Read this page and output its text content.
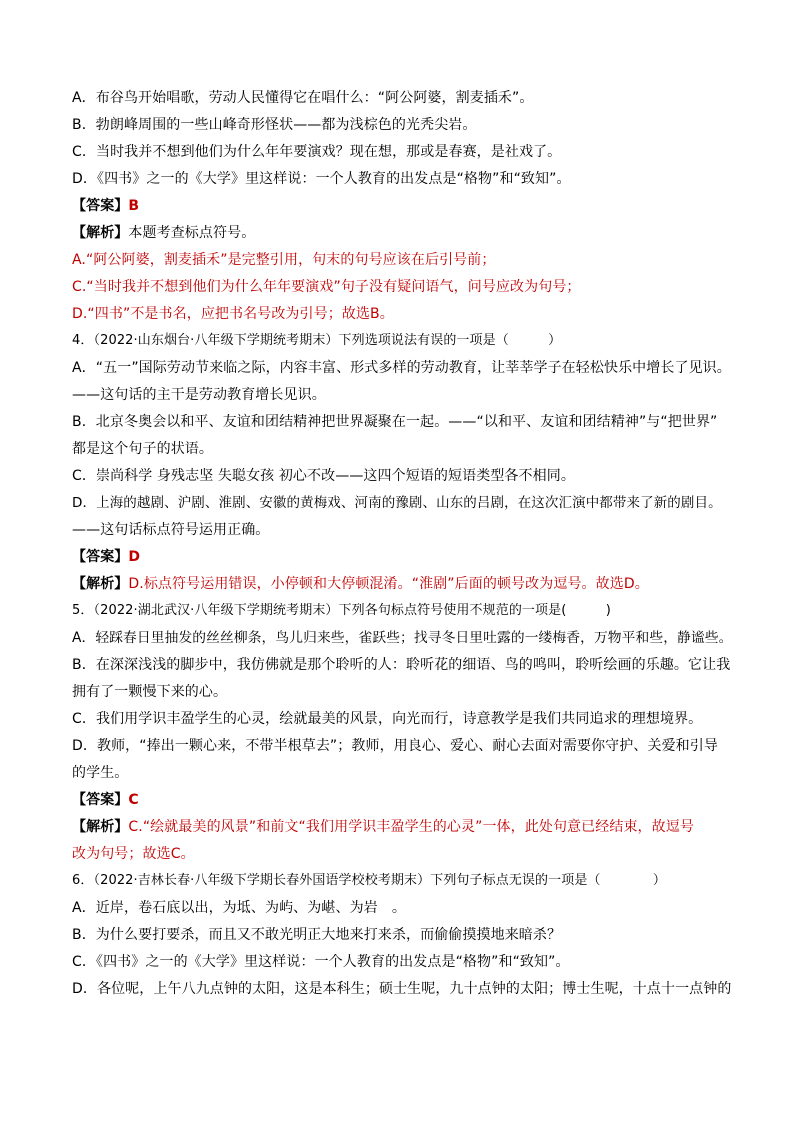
A．布谷鸟开始唱歌，劳动人民懂得它在唱什么：“阿公阿婆，割麦插禾”。
B．勃朗峰周围的一些山峰奇形怪状——都为浅棕色的光秃尖岩。
C．当时我并不想到他们为什么年年要演戏？现在想，那或是春赛，是社戏了。
D．《四书》之一的《大学》里这样说：一个人教育的出发点是“格物”和“致知”。
【答案】B
【解析】本题考查标点符号。
A.“阿公阿婆，割麦插禾”是完整引用，句末的句号应该在后引号前；
C.“当时我并不想到他们为什么年年要演戏”句子没有疑问语气，问号应改为句号；
D.“四书”不是书名，应把书名号改为引号；故选B。
4．（2022·山东烟台·八年级下学期统考期末）下列选项说法有误的一项是（　　　）
A．“五一”国际劳动节来临之际，内容丰富、形式多样的劳动教育，让莘莘学子在轻松快乐中增长了见识。
——这句话的主干是劳动教育增长见识。
B．北京冬奥会以和平、友谊和团结精神把世界凝聚在一起。——“以和平、友谊和团结精神”与“把世界”
都是这个句子的状语。
C．崇尚科学 身残志坚 失聪女孩 初心不改——这四个短语的短语类型各不相同。
D．上海的越剧、沪剧、淮剧、安徽的黄梅戏、河南的豫剧、山东的吕剧，在这次汇演中都带来了新的剧目。
——这句话标点符号运用正确。
【答案】D
【解析】D.标点符号运用错误，小停顿和大停顿混淆。“淮剧”后面的顿号改为逗号。故选D。
5．（2022·湖北武汉·八年级下学期统考期末）下列各句标点符号使用不规范的一项是(　　　)
A．轻踩春日里抽发的丝丝柳条，鸟儿归来些，雀跃些；找寻冬日里吐露的一缕梅香，万物平和些，静谧些。
B．在深深浅浅的脚步中，我仿佛就是那个聆听的人：聆听花的细语、鸟的鸣叫，聆听绘画的乐趣。它让我
拥有了一颗慢下来的心。
C．我们用学识丰盈学生的心灵，绘就最美的风景，向光而行，诗意教学是我们共同追求的理想境界。
D．教师，“捧出一颗心来，不带半根草去”；教师，用良心、爱心、耐心去面对需要你守护、关爱和引导
的学生。
【答案】C
【解析】C.“绘就最美的风景”和前文“我们用学识丰盈学生的心灵”一体，此处句意已经结束，故逗号
改为句号；故选C。
6．（2022·吉林长春·八年级下学期长春外国语学校校考期末）下列句子标点无误的一项是（　　　　）
A．近岸，卷石底以出，为坻、为屿、为嵁、为岩　。
B．为什么要打要杀，而且又不敢光明正大地来打来杀，而偷偷摸摸地来暗杀？
C．《四书》之一的《大学》里这样说：一个人教育的出发点是“格物”和“致知”。
D．各位呢，上午八九点钟的太阳，这是本科生；硕士生呢，九十点钟的太阳；博士生呢，十点十一点钟的
